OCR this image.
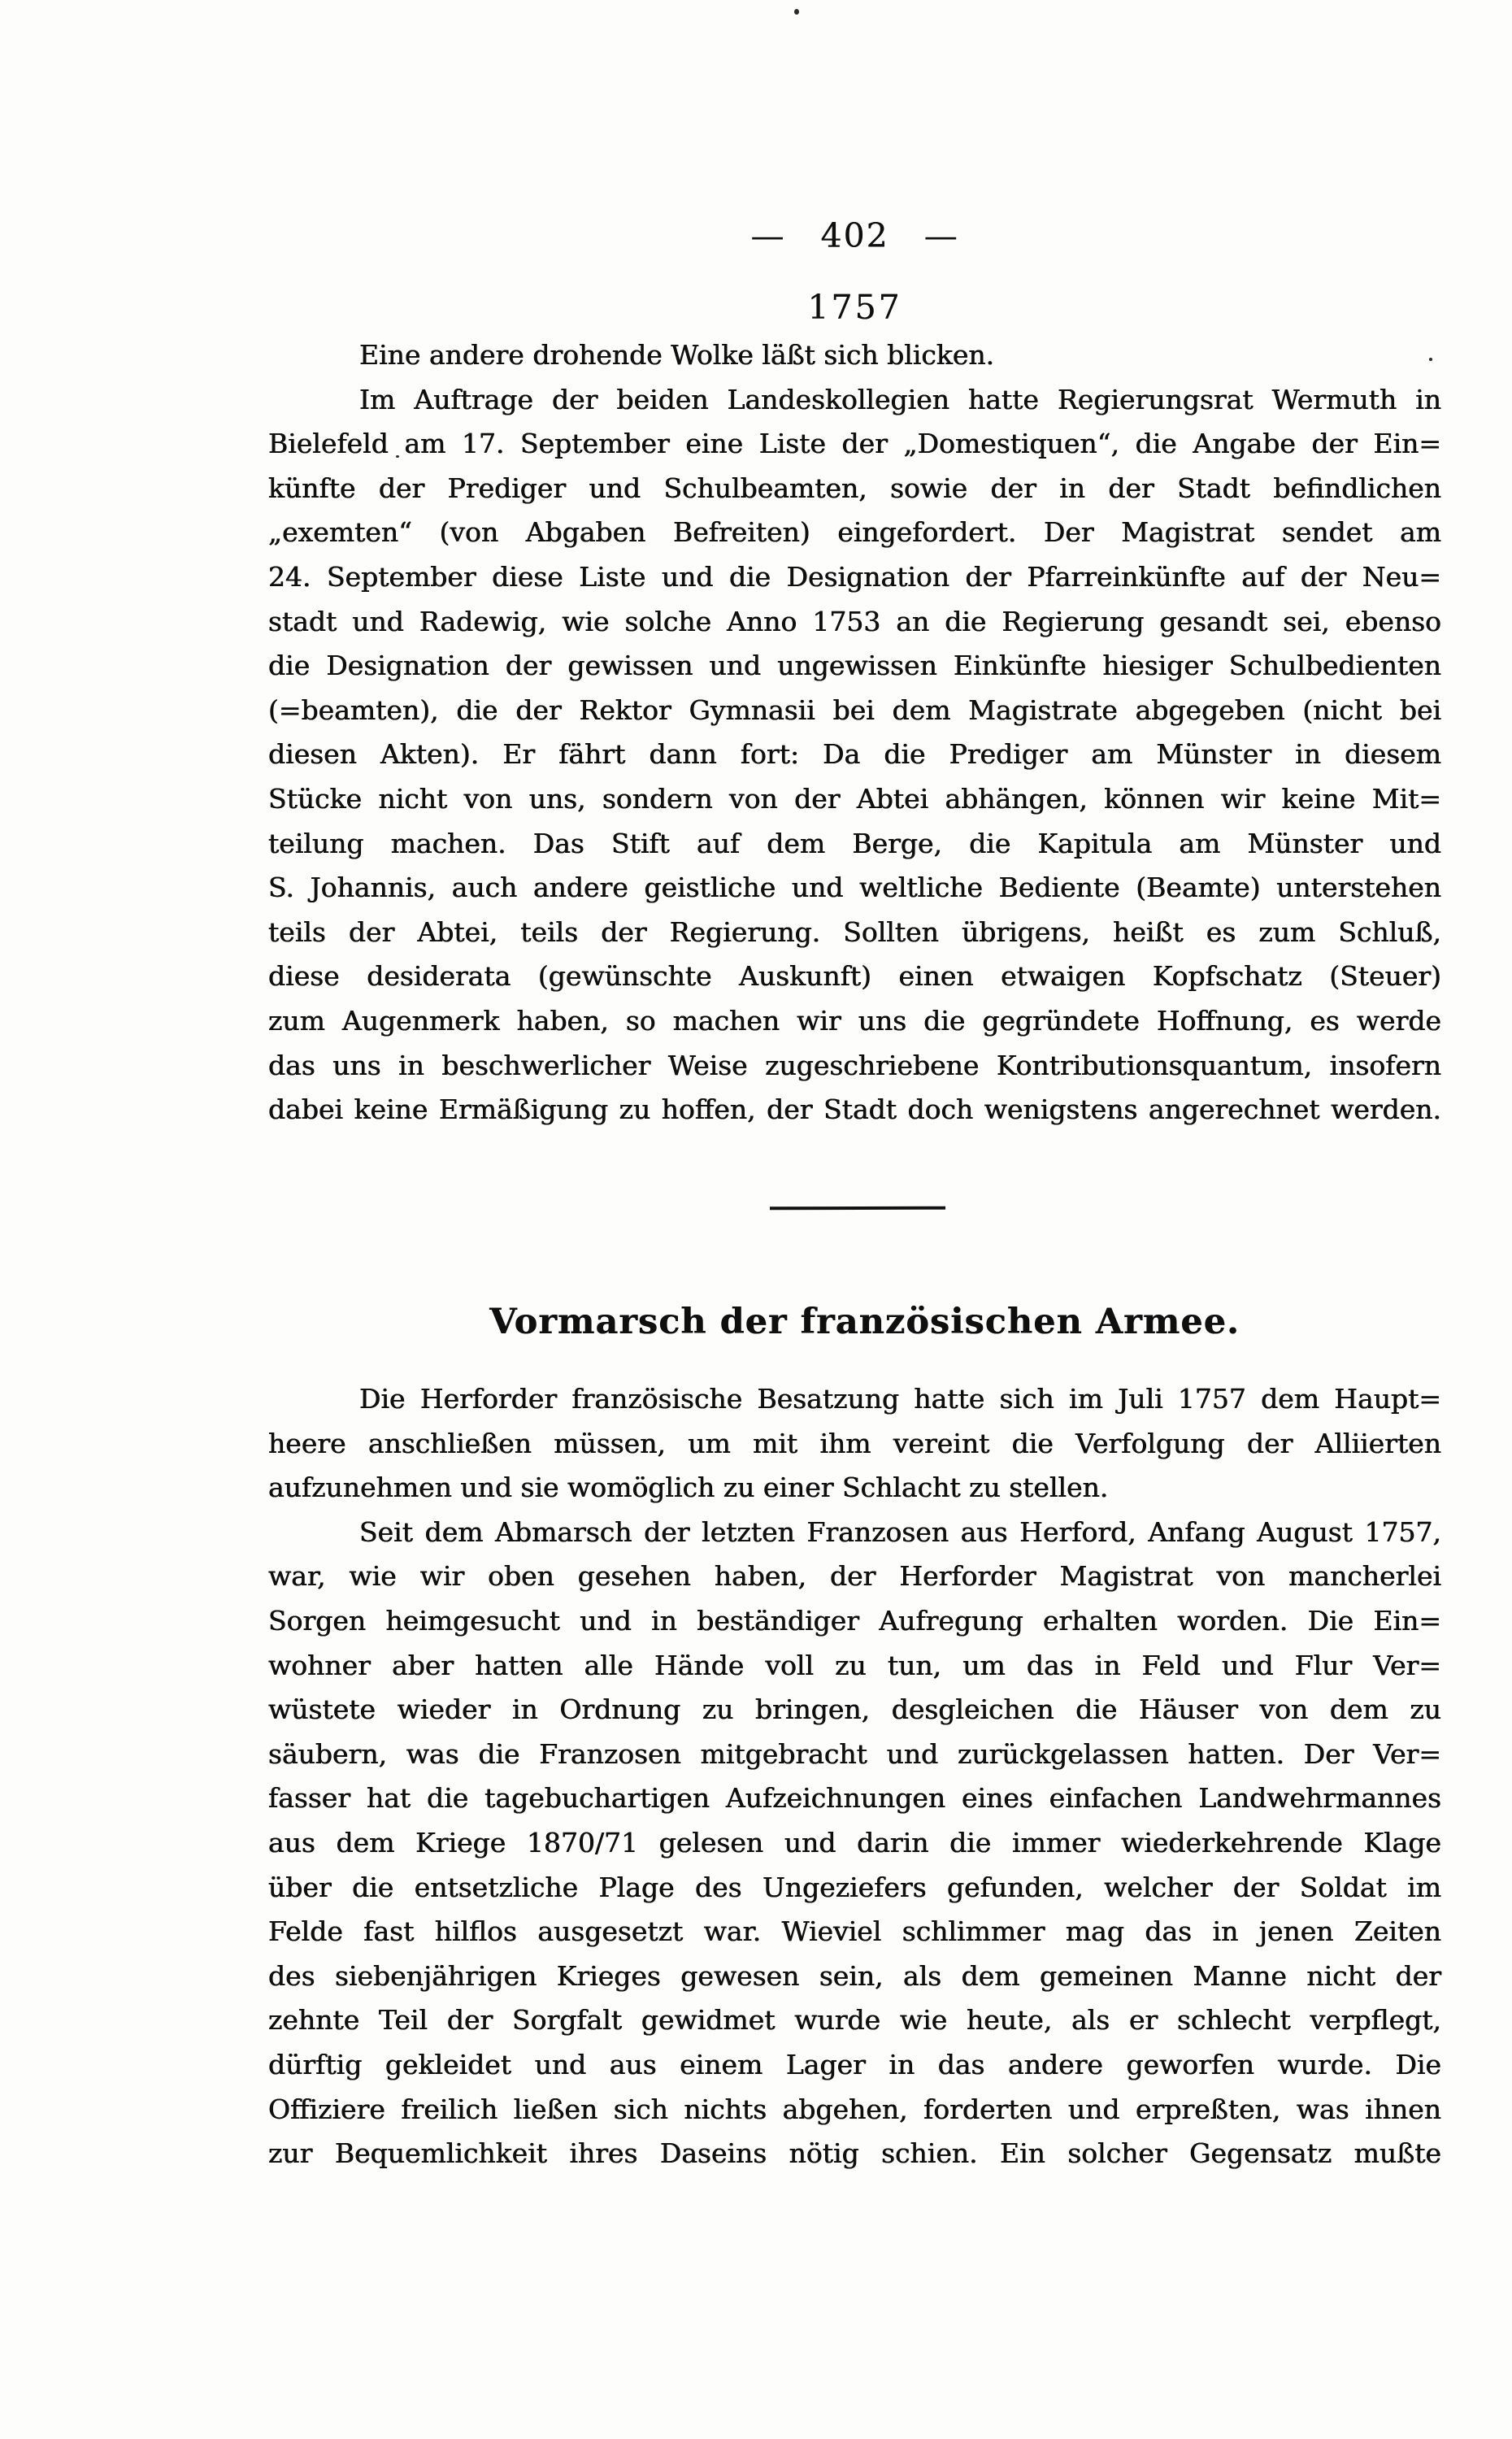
— 402 —
1757
Eine andere drohende Wolke läßt sich blicken.
Im Auftrage der beiden Landeskollegien hatte Regierungsrat Wermuth in
Bielefeld am 17. September eine Liste der „Domestiquen“, die Angabe der Ein=
künfte der Prediger und Schulbeamten, sowie der in der Stadt befindlichen
„exemten“ (von Abgaben Befreiten) eingefordert. Der Magistrat sendet am
24. September diese Liste und die Designation der Pfarreinkünfte auf der Neu=
stadt und Radewig, wie solche Anno 1753 an die Regierung gesandt sei, ebenso
die Designation der gewissen und ungewissen Einkünfte hiesiger Schulbedienten
(=beamten), die der Rektor Gymnasii bei dem Magistrate abgegeben (nicht bei
diesen Akten). Er fährt dann fort: Da die Prediger am Münster in diesem
Stücke nicht von uns, sondern von der Abtei abhängen, können wir keine Mit=
teilung machen. Das Stift auf dem Berge, die Kapitula am Münster und
S. Johannis, auch andere geistliche und weltliche Bediente (Beamte) unterstehen
teils der Abtei, teils der Regierung. Sollten übrigens, heißt es zum Schluß,
diese desiderata (gewünschte Auskunft) einen etwaigen Kopfschatz (Steuer)
zum Augenmerk haben, so machen wir uns die gegründete Hoffnung, es werde
das uns in beschwerlicher Weise zugeschriebene Kontributionsquantum, insofern
dabei keine Ermäßigung zu hoffen, der Stadt doch wenigstens angerechnet werden.
Vormarsch der französischen Armee.
Die Herforder französische Besatzung hatte sich im Juli 1757 dem Haupt=
heere anschließen müssen, um mit ihm vereint die Verfolgung der Alliierten
aufzunehmen und sie womöglich zu einer Schlacht zu stellen.
Seit dem Abmarsch der letzten Franzosen aus Herford, Anfang August 1757,
war, wie wir oben gesehen haben, der Herforder Magistrat von mancherlei
Sorgen heimgesucht und in beständiger Aufregung erhalten worden. Die Ein=
wohner aber hatten alle Hände voll zu tun, um das in Feld und Flur Ver=
wüstete wieder in Ordnung zu bringen, desgleichen die Häuser von dem zu
säubern, was die Franzosen mitgebracht und zurückgelassen hatten. Der Ver=
fasser hat die tagebuchartigen Aufzeichnungen eines einfachen Landwehrmannes
aus dem Kriege 1870/71 gelesen und darin die immer wiederkehrende Klage
über die entsetzliche Plage des Ungeziefers gefunden, welcher der Soldat im
Felde fast hilflos ausgesetzt war. Wieviel schlimmer mag das in jenen Zeiten
des siebenjährigen Krieges gewesen sein, als dem gemeinen Manne nicht der
zehnte Teil der Sorgfalt gewidmet wurde wie heute, als er schlecht verpflegt,
dürftig gekleidet und aus einem Lager in das andere geworfen wurde. Die
Offiziere freilich ließen sich nichts abgehen, forderten und erpreßten, was ihnen
zur Bequemlichkeit ihres Daseins nötig schien. Ein solcher Gegensatz mußte
